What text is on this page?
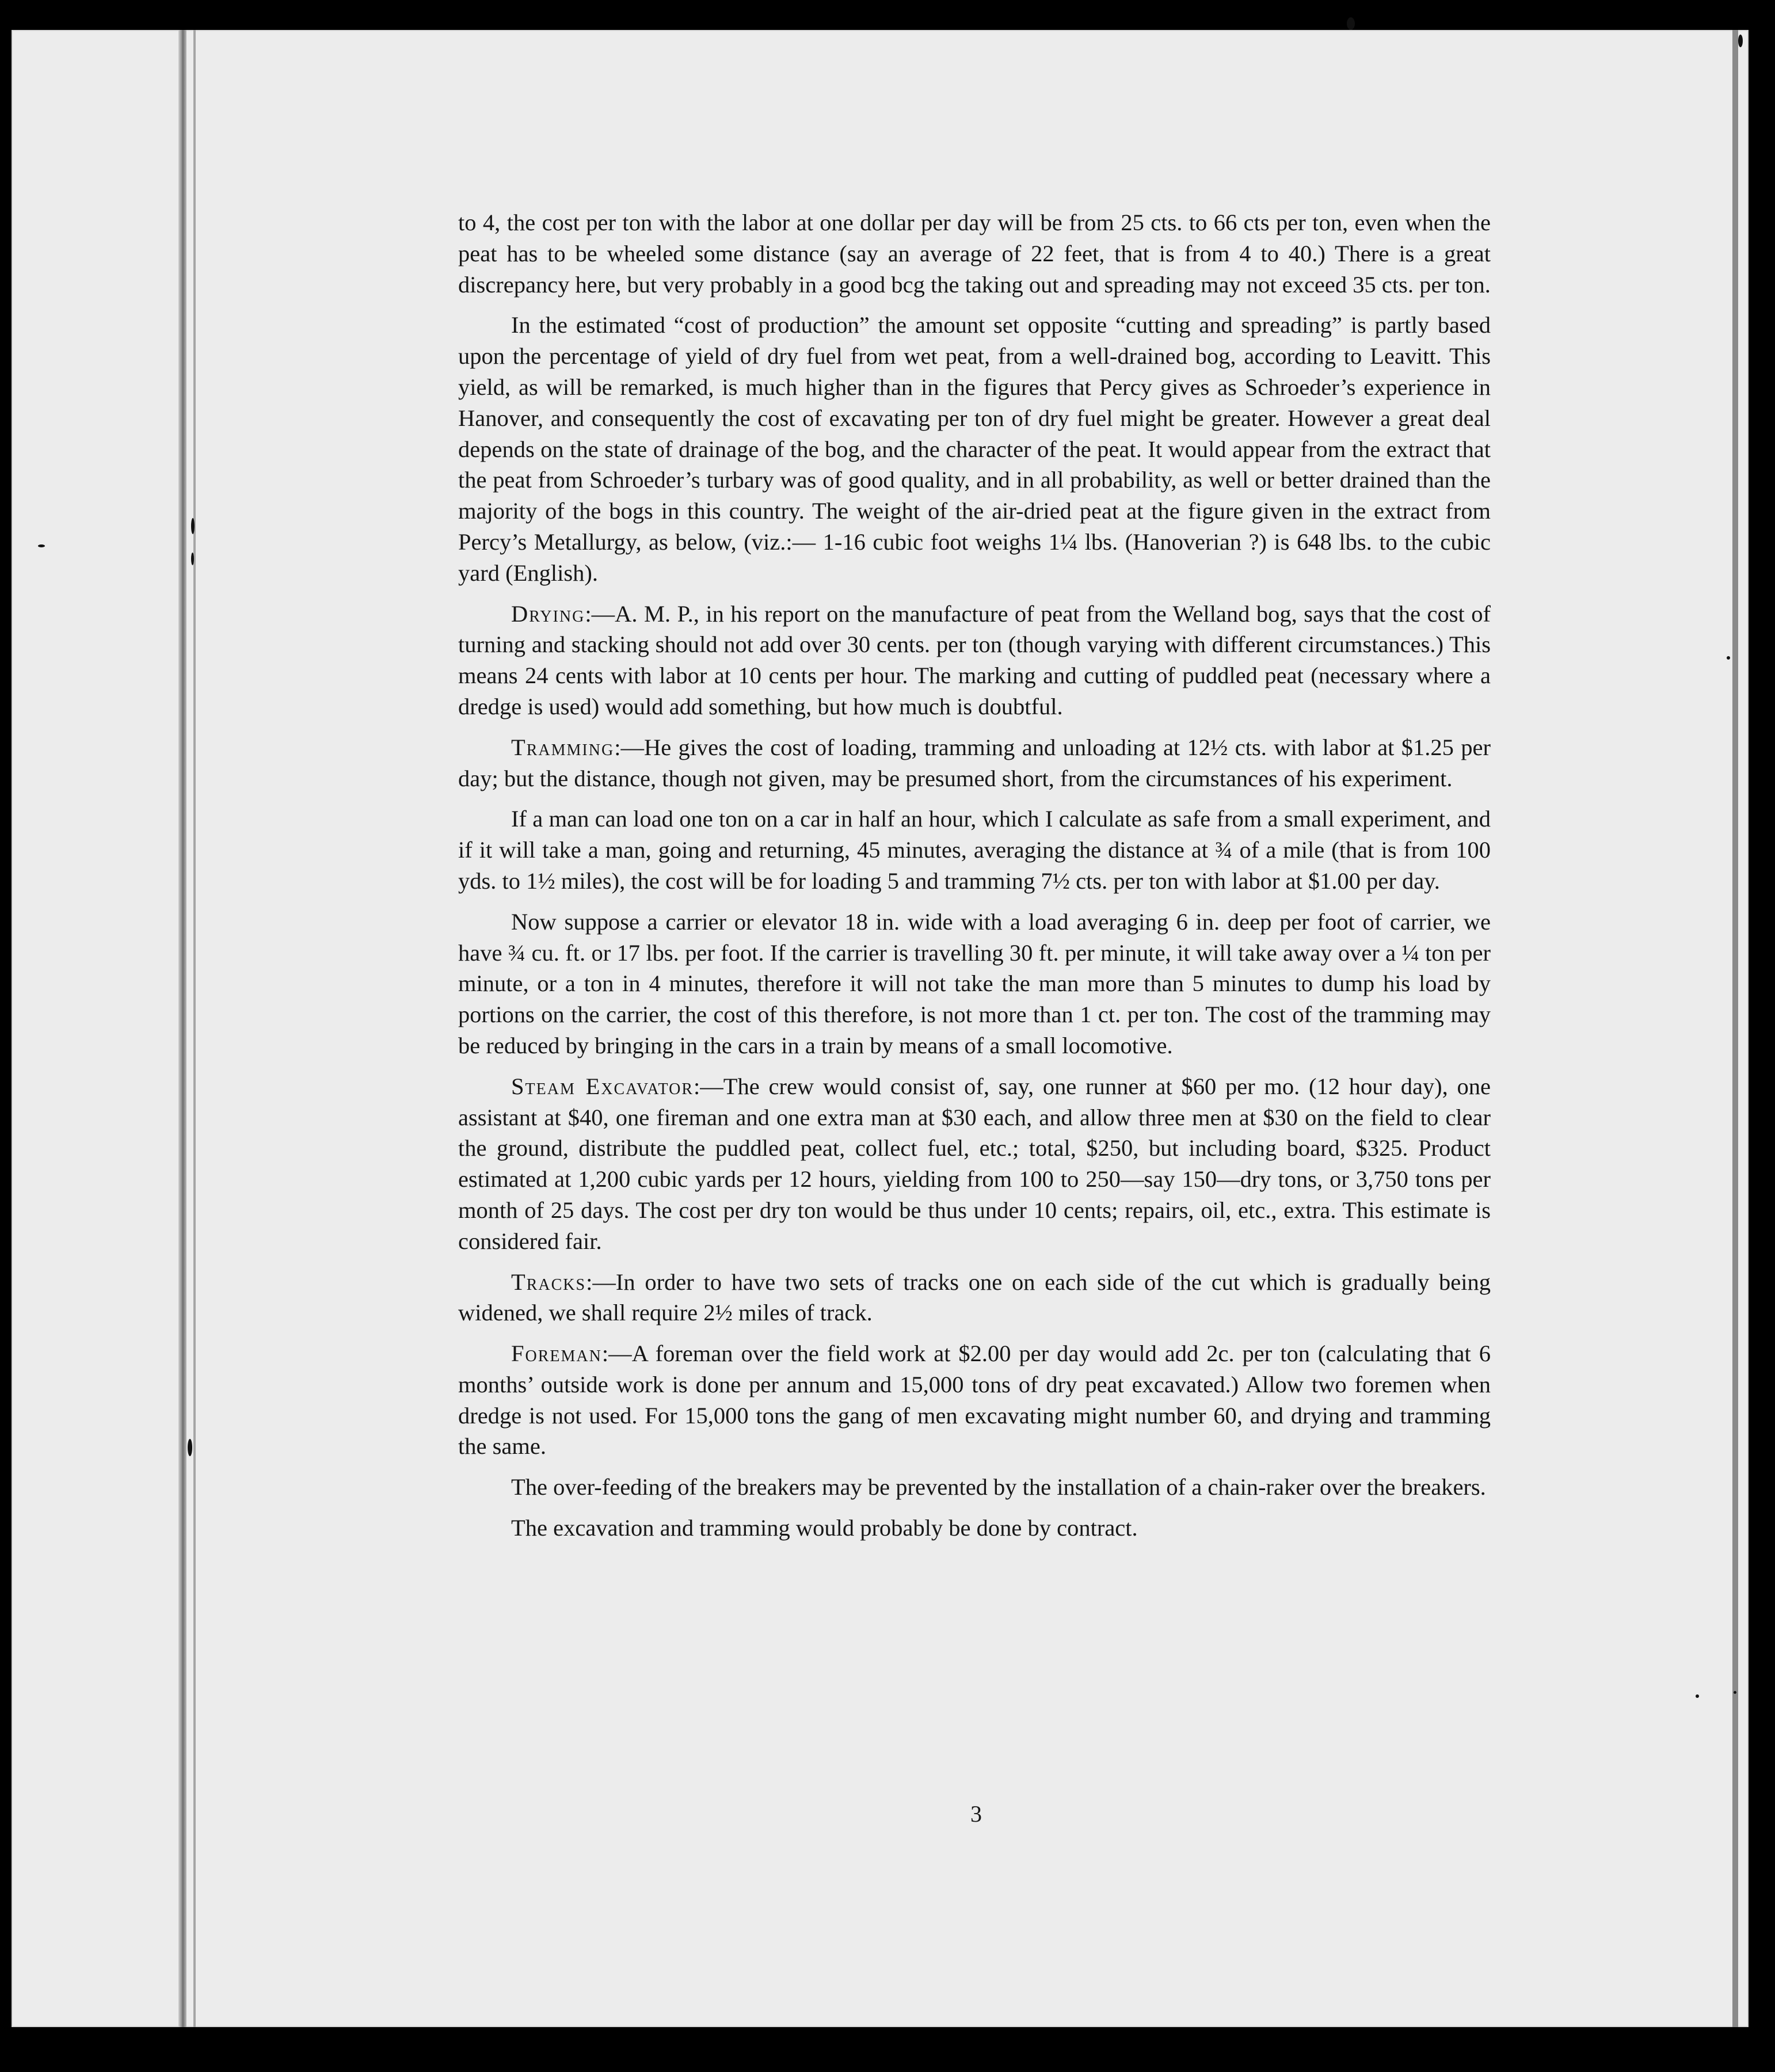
to 4, the cost per ton with the labor at one dollar per day will be from 25 cts. to 66 cts per ton, even when the peat has to be wheeled some distance (say an average of 22 feet, that is from 4 to 40.) There is a great discrepancy here, but very probably in a good bcg the taking out and spreading may not exceed 35 cts. per ton.

In the estimated “cost of production” the amount set opposite “cutting and spreading” is partly based upon the percentage of yield of dry fuel from wet peat, from a well-drained bog, according to Leavitt. This yield, as will be remarked, is much higher than in the figures that Percy gives as Schroeder’s experience in Hanover, and consequently the cost of excavating per ton of dry fuel might be greater. However a great deal depends on the state of drainage of the bog, and the character of the peat. It would appear from the extract that the peat from Schroeder’s turbary was of good quality, and in all probability, as well or better drained than the majority of the bogs in this country. The weight of the air-dried peat at the figure given in the extract from Percy’s Metallurgy, as below, (viz.:— 1-16 cubic foot weighs 1¼ lbs. (Hanoverian ?) is 648 lbs. to the cubic yard (English).

Drying:—A. M. P., in his report on the manufacture of peat from the Welland bog, says that the cost of turning and stacking should not add over 30 cents. per ton (though varying with different circumstances.) This means 24 cents with labor at 10 cents per hour. The marking and cutting of puddled peat (necessary where a dredge is used) would add something, but how much is doubtful.

Tramming:—He gives the cost of loading, tramming and unloading at 12½ cts. with labor at $1.25 per day; but the distance, though not given, may be presumed short, from the circumstances of his experiment.

If a man can load one ton on a car in half an hour, which I calculate as safe from a small experiment, and if it will take a man, going and returning, 45 minutes, averaging the distance at ¾ of a mile (that is from 100 yds. to 1½ miles), the cost will be for loading 5 and tramming 7½ cts. per ton with labor at $1.00 per day.

Now suppose a carrier or elevator 18 in. wide with a load averaging 6 in. deep per foot of carrier, we have ¾ cu. ft. or 17 lbs. per foot. If the carrier is travelling 30 ft. per minute, it will take away over a ¼ ton per minute, or a ton in 4 minutes, therefore it will not take the man more than 5 minutes to dump his load by portions on the carrier, the cost of this therefore, is not more than 1 ct. per ton. The cost of the tramming may be reduced by bringing in the cars in a train by means of a small locomotive.

Steam Excavator:—The crew would consist of, say, one runner at $60 per mo. (12 hour day), one assistant at $40, one fireman and one extra man at $30 each, and allow three men at $30 on the field to clear the ground, distribute the puddled peat, collect fuel, etc.; total, $250, but including board, $325. Product estimated at 1,200 cubic yards per 12 hours, yielding from 100 to 250—say 150—dry tons, or 3,750 tons per month of 25 days. The cost per dry ton would be thus under 10 cents; repairs, oil, etc., extra. This estimate is considered fair.

Tracks:—In order to have two sets of tracks one on each side of the cut which is gradually being widened, we shall require 2½ miles of track.

Foreman:—A foreman over the field work at $2.00 per day would add 2c. per ton (calculating that 6 months’ outside work is done per annum and 15,000 tons of dry peat excavated.) Allow two foremen when dredge is not used. For 15,000 tons the gang of men excavating might number 60, and drying and tramming the same.

The over-feeding of the breakers may be prevented by the installation of a chain-raker over the breakers.

The excavation and tramming would probably be done by contract.

3
